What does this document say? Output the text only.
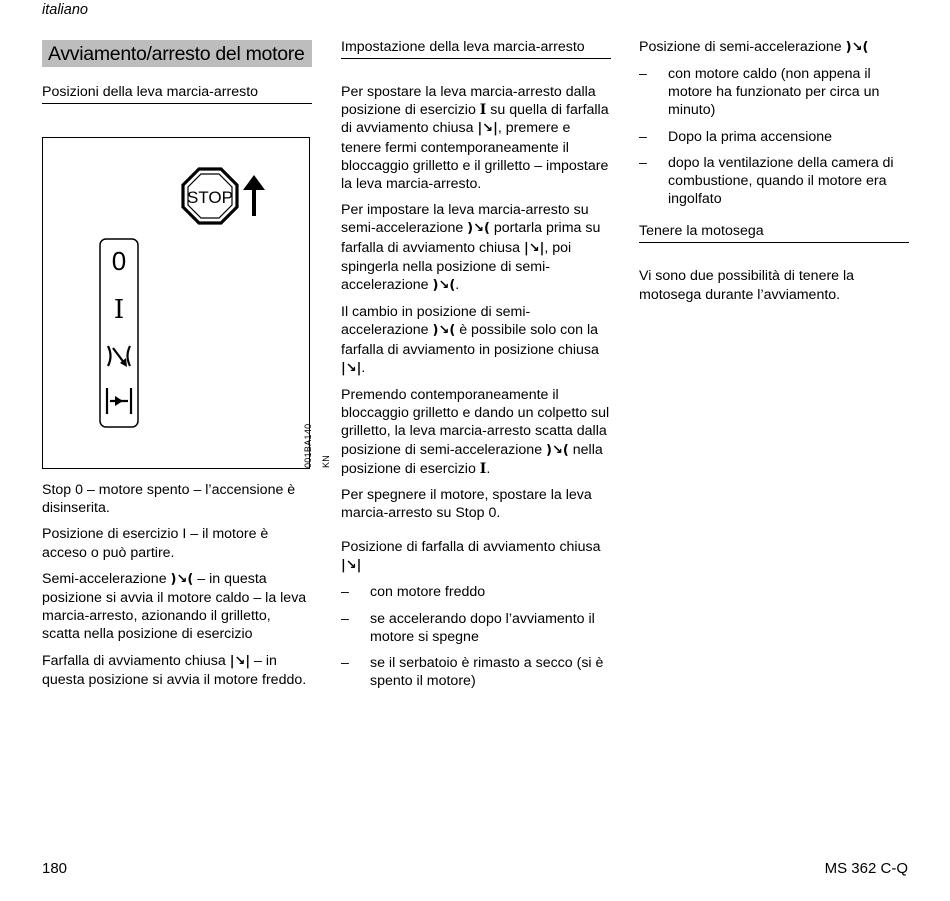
italiano
Avviamento/arresto del motore
Posizioni della leva marcia-arresto
STOP
0
I
001BA140 KN

Stop 0 – motore spento – l’accensione è disinserita.

Posizione di esercizio I – il motore è acceso o può partire.

Semi-accelerazione )↘( – in questa posizione si avvia il motore caldo – la leva marcia-arresto, azionando il grilletto, scatta nella posizione di esercizio

Farfalla di avviamento chiusa |↘| – in questa posizione si avvia il motore freddo.

Impostazione della leva marcia-arresto

Per spostare la leva marcia-arresto dalla posizione di esercizio I su quella di farfalla di avviamento chiusa |↘|, premere e tenere fermi contemporaneamente il bloccaggio grilletto e il grilletto – impostare la leva marcia-arresto.

Per impostare la leva marcia-arresto su semi-accelerazione )↘( portarla prima su farfalla di avviamento chiusa |↘|, poi spingerla nella posizione di semi-accelerazione )↘(.

Il cambio in posizione di semi-accelerazione )↘( è possibile solo con la farfalla di avviamento in posizione chiusa |↘|.

Premendo contemporaneamente il bloccaggio grilletto e dando un colpetto sul grilletto, la leva marcia-arresto scatta dalla posizione di semi-accelerazione )↘( nella posizione di esercizio I.

Per spegnere il motore, spostare la leva marcia-arresto su Stop 0.

Posizione di farfalla di avviamento chiusa |↘|
– con motore freddo
– se accelerando dopo l’avviamento il motore si spegne
– se il serbatoio è rimasto a secco (si è spento il motore)
Posizione di semi-accelerazione )↘(
– con motore caldo (non appena il motore ha funzionato per circa un minuto)
– Dopo la prima accensione
– dopo la ventilazione della camera di combustione, quando il motore era ingolfato
Tenere la motosega

Vi sono due possibilità di tenere la motosega durante l’avviamento.

180	MS 362 C-Q
